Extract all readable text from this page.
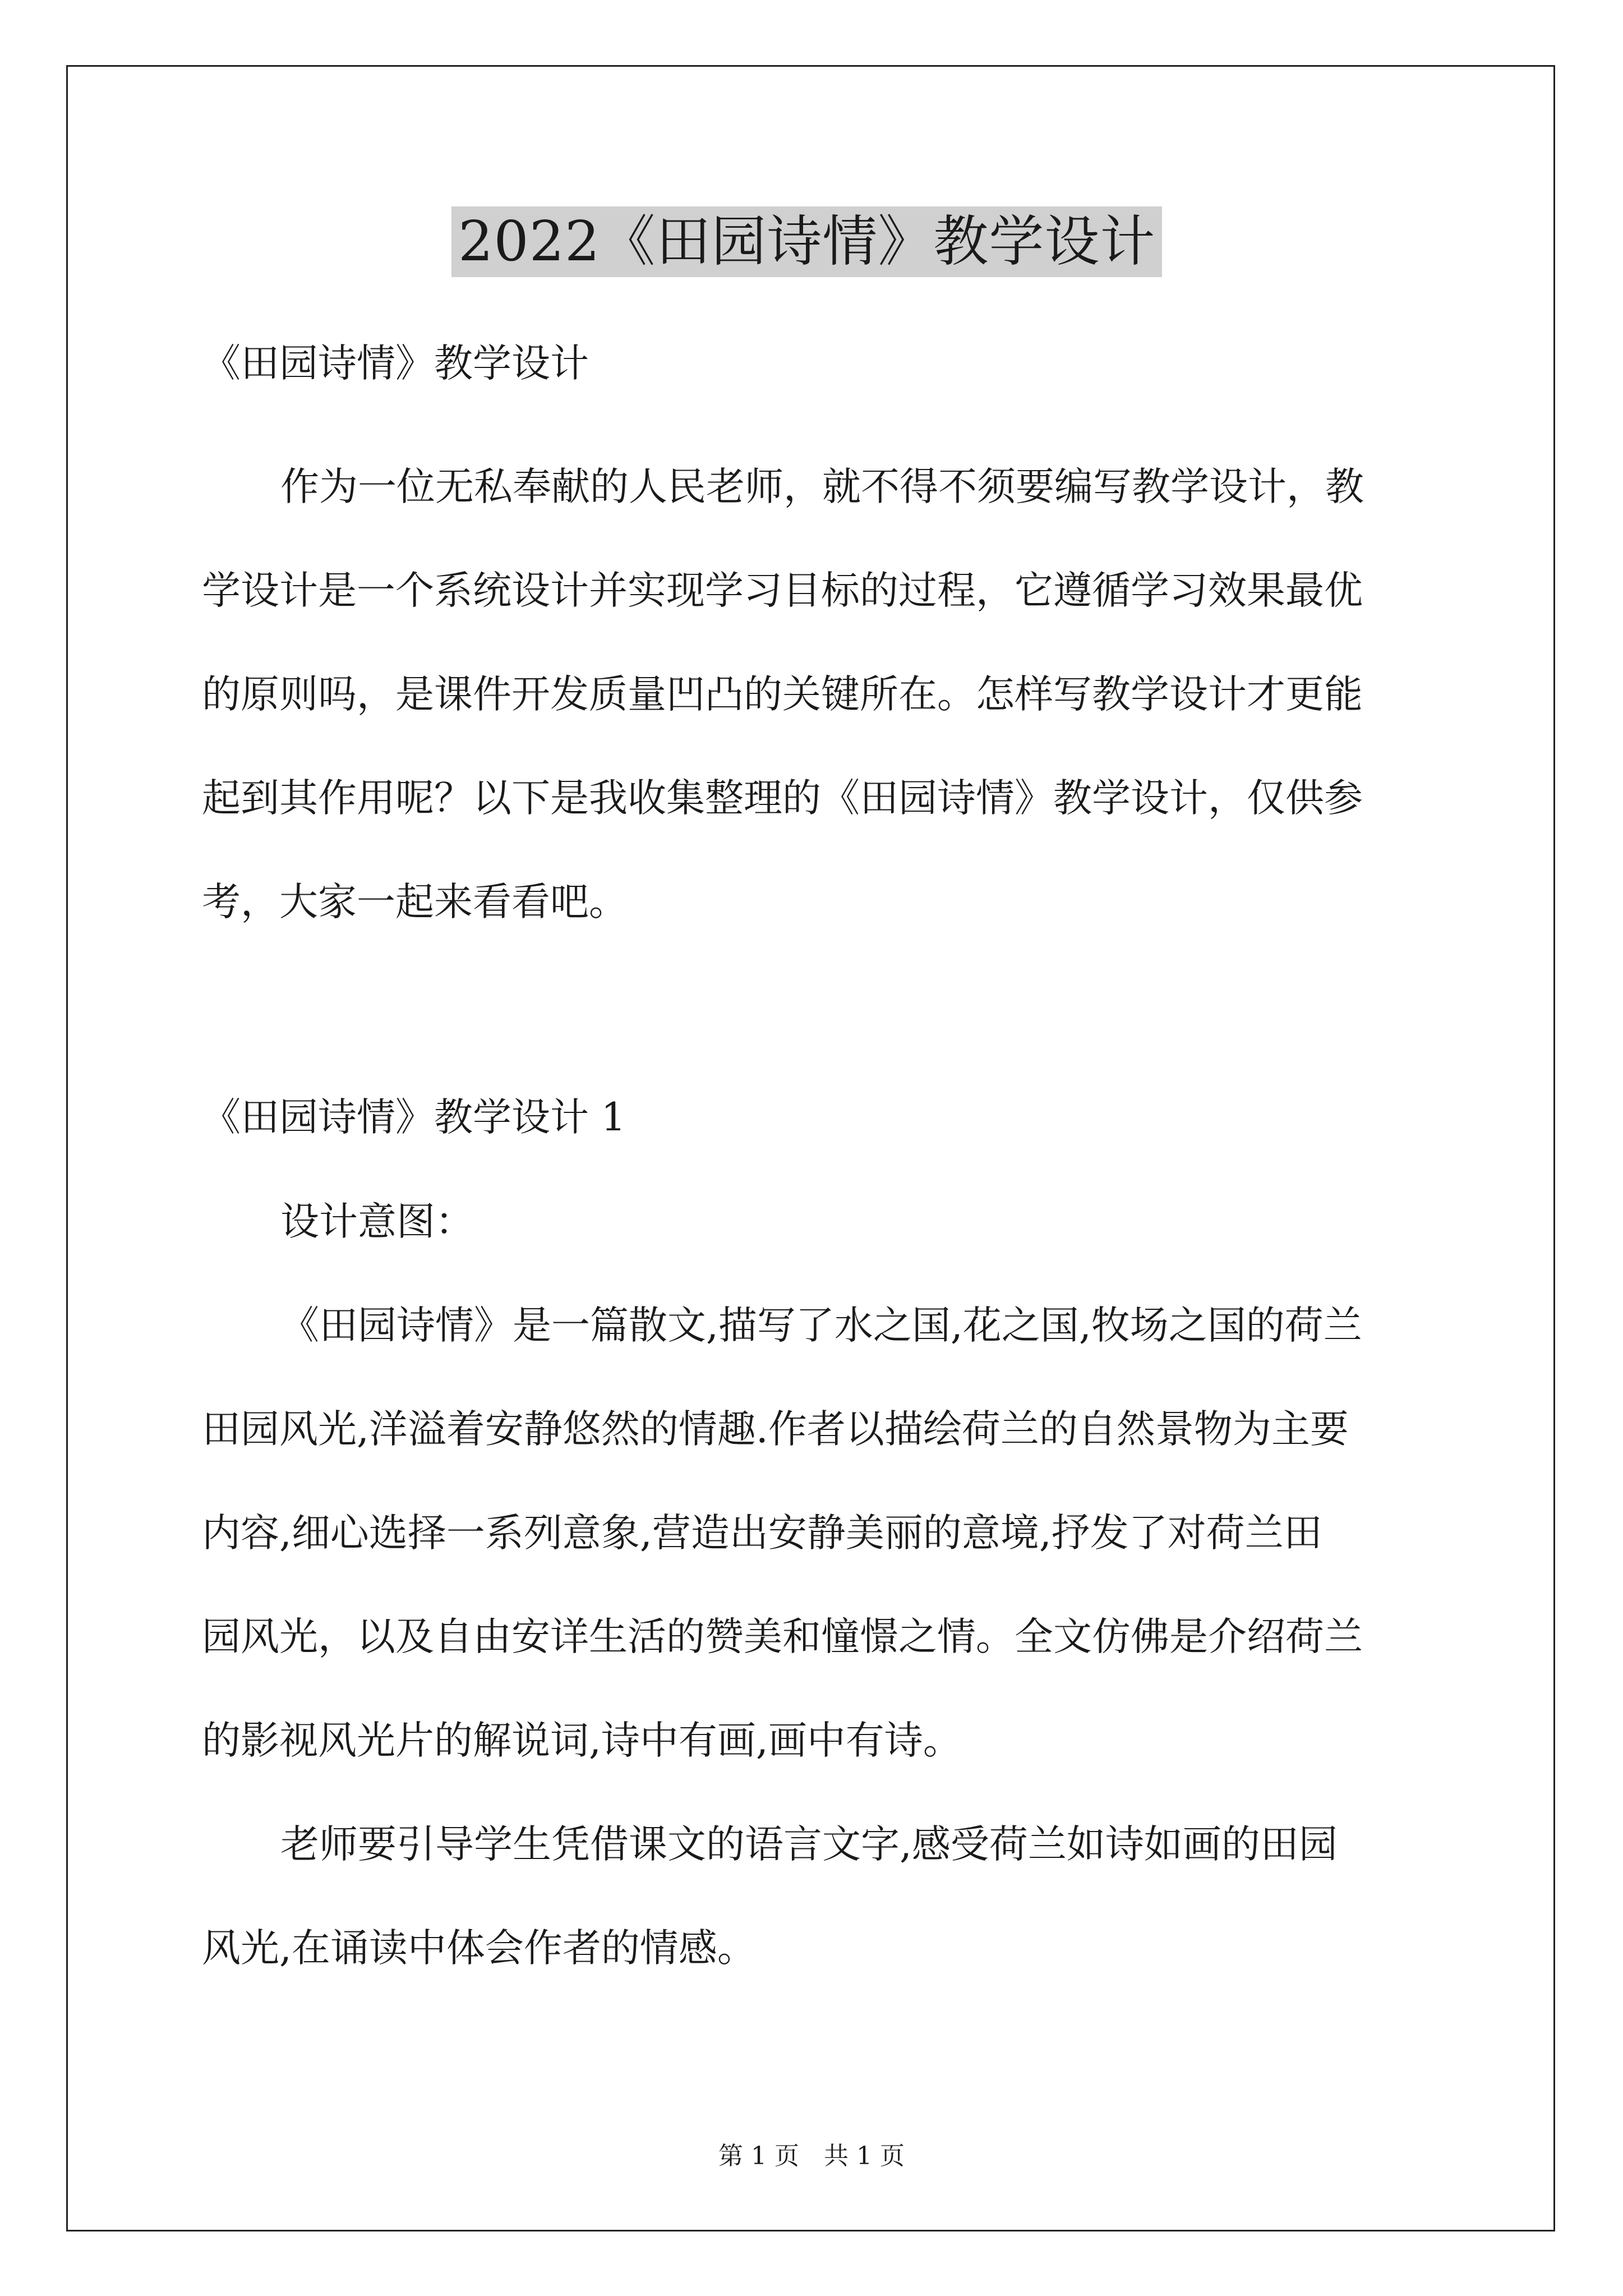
2022《田园诗情》教学设计

《田园诗情》教学设计

作为一位无私奉献的人民老师，就不得不须要编写教学设计，教

学设计是一个系统设计并实现学习目标的过程，它遵循学习效果最优

的原则吗，是课件开发质量凹凸的关键所在。怎样写教学设计才更能

起到其作用呢？以下是我收集整理的《田园诗情》教学设计，仅供参

考，大家一起来看看吧。

《田园诗情》教学设计 1

设计意图：

《田园诗情》是一篇散文,描写了水之国,花之国,牧场之国的荷兰

田园风光,洋溢着安静悠然的情趣.作者以描绘荷兰的自然景物为主要

内容,细心选择一系列意象,营造出安静美丽的意境,抒发了对荷兰田

园风光，以及自由安详生活的赞美和憧憬之情。全文仿佛是介绍荷兰

的影视风光片的解说词,诗中有画,画中有诗。

老师要引导学生凭借课文的语言文字,感受荷兰如诗如画的田园

风光,在诵读中体会作者的情感。

第 1 页　共 1 页
